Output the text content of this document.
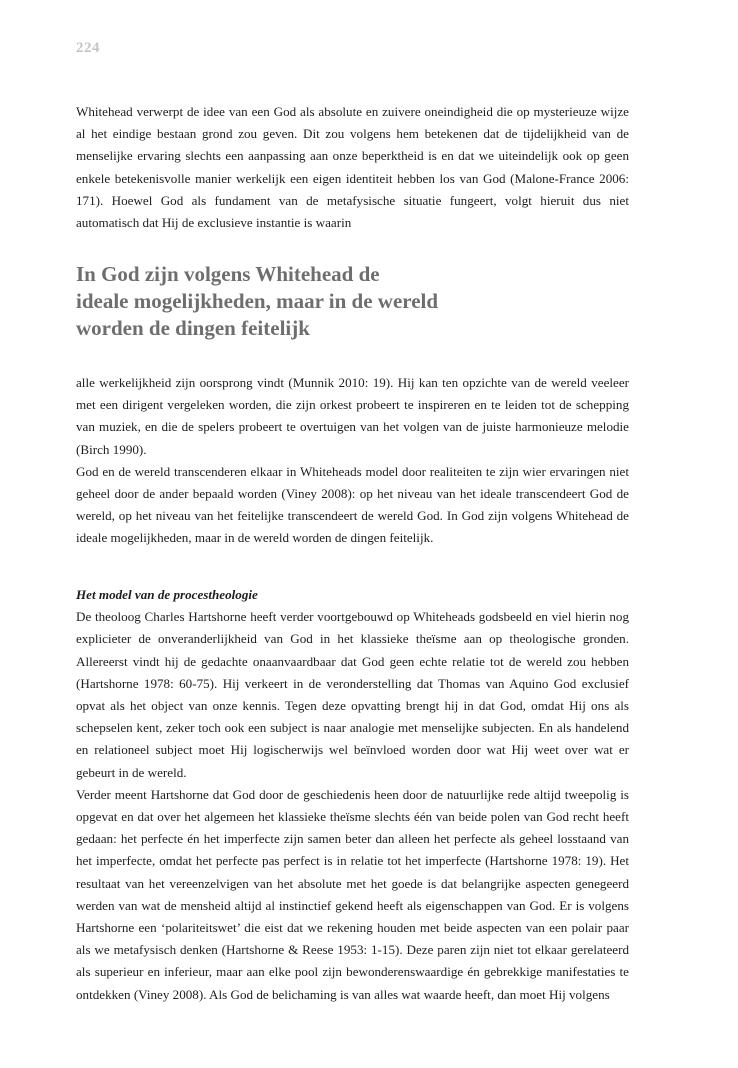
224

Whitehead verwerpt de idee van een God als absolute en zuivere oneindigheid die op mysterieuze wijze al het eindige bestaan grond zou geven. Dit zou volgens hem betekenen dat de tijdelijkheid van de menselijke ervaring slechts een aanpassing aan onze beperktheid is en dat we uiteindelijk ook op geen enkele betekenisvolle manier werkelijk een eigen identiteit hebben los van God (Malone-France 2006: 171). Hoewel God als fundament van de metafysische situatie fungeert, volgt hieruit dus niet automatisch dat Hij de exclusieve instantie is waarin

In God zijn volgens Whitehead de
ideale mogelijkheden, maar in de wereld
worden de dingen feitelijk

alle werkelijkheid zijn oorsprong vindt (Munnik 2010: 19). Hij kan ten opzichte van de wereld veeleer met een dirigent vergeleken worden, die zijn orkest probeert te inspireren en te leiden tot de schepping van muziek, en die de spelers probeert te overtuigen van het volgen van de juiste harmonieuze melodie (Birch 1990).

God en de wereld transcenderen elkaar in Whiteheads model door realiteiten te zijn wier ervaringen niet geheel door de ander bepaald worden (Viney 2008): op het niveau van het ideale transcendeert God de wereld, op het niveau van het feitelijke transcendeert de wereld God. In God zijn volgens Whitehead de ideale mogelijkheden, maar in de wereld worden de dingen feitelijk.

Het model van de procestheologie

De theoloog Charles Hartshorne heeft verder voortgebouwd op Whiteheads godsbeeld en viel hierin nog explicieter de onveranderlijkheid van God in het klassieke theïsme aan op theologische gronden. Allereerst vindt hij de gedachte onaanvaardbaar dat God geen echte relatie tot de wereld zou hebben (Hartshorne 1978: 60-75). Hij verkeert in de veronderstelling dat Thomas van Aquino God exclusief opvat als het object van onze kennis. Tegen deze opvatting brengt hij in dat God, omdat Hij ons als schepselen kent, zeker toch ook een subject is naar analogie met menselijke subjecten. En als handelend en relationeel subject moet Hij logischerwijs wel beïnvloed worden door wat Hij weet over wat er gebeurt in de wereld.

Verder meent Hartshorne dat God door de geschiedenis heen door de natuurlijke rede altijd tweepolig is opgevat en dat over het algemeen het klassieke theïsme slechts één van beide polen van God recht heeft gedaan: het perfecte én het imperfecte zijn samen beter dan alleen het perfecte als geheel losstaand van het imperfecte, omdat het perfecte pas perfect is in relatie tot het imperfecte (Hartshorne 1978: 19). Het resultaat van het vereenzelvigen van het absolute met het goede is dat belangrijke aspecten genegeerd werden van wat de mensheid altijd al instinctief gekend heeft als eigenschappen van God. Er is volgens Hartshorne een ‘polariteitswet’ die eist dat we rekening houden met beide aspecten van een polair paar als we metafysisch denken (Hartshorne & Reese 1953: 1-15). Deze paren zijn niet tot elkaar gerelateerd als superieur en inferieur, maar aan elke pool zijn bewonderenswaardige én gebrekkige manifestaties te ontdekken (Viney 2008). Als God de belichaming is van alles wat waarde heeft, dan moet Hij volgens
